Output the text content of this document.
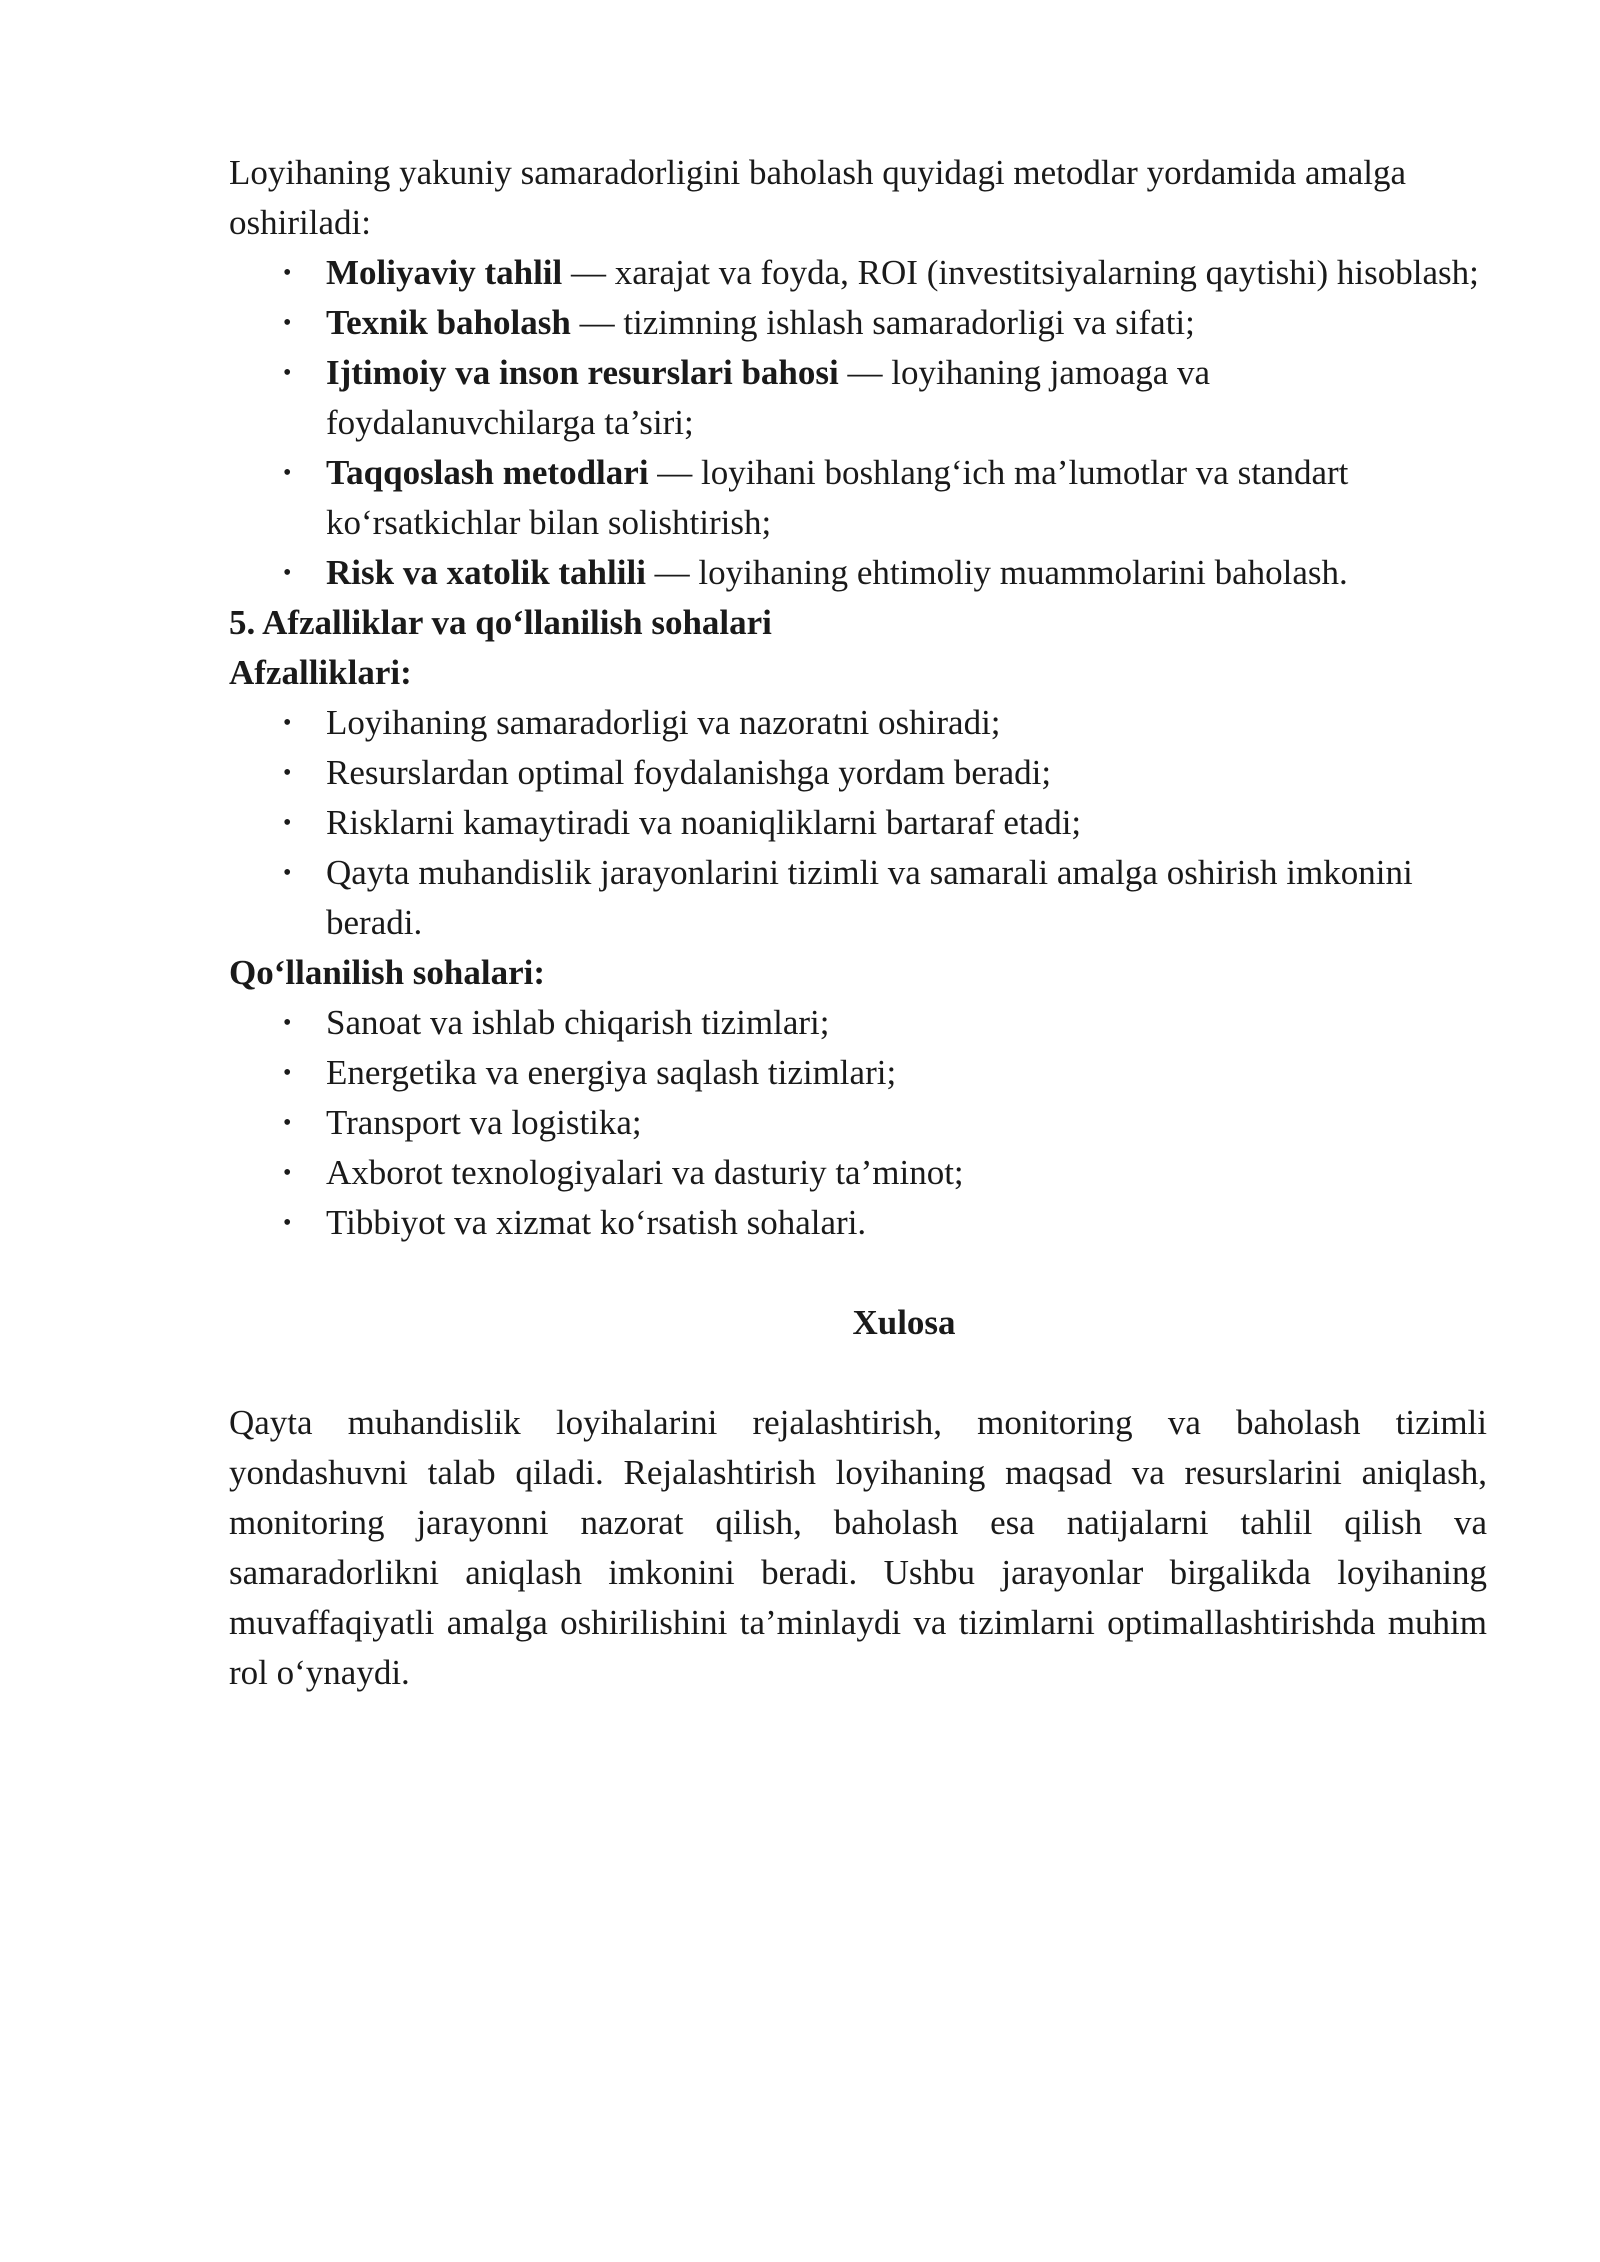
Loyihaning yakuniy samaradorligini baholash quyidagi metodlar yordamida amalga oshiriladi:

• Moliyaviy tahlil — xarajat va foyda, ROI (investitsiyalarning qaytishi) hisoblash;
• Texnik baholash — tizimning ishlash samaradorligi va sifati;
• Ijtimoiy va inson resurslari bahosi — loyihaning jamoaga va foydalanuvchilarga ta’siri;
• Taqqoslash metodlari — loyihani boshlang‘ich ma’lumotlar va standart ko‘rsatkichlar bilan solishtirish;
• Risk va xatolik tahlili — loyihaning ehtimoliy muammolarini baholash.

5. Afzalliklar va qo‘llanilish sohalari

Afzalliklari:

• Loyihaning samaradorligi va nazoratni oshiradi;
• Resurslardan optimal foydalanishga yordam beradi;
• Risklarni kamaytiradi va noaniqliklarni bartaraf etadi;
• Qayta muhandislik jarayonlarini tizimli va samarali amalga oshirish imkonini beradi.

Qo‘llanilish sohalari:

• Sanoat va ishlab chiqarish tizimlari;
• Energetika va energiya saqlash tizimlari;
• Transport va logistika;
• Axborot texnologiyalari va dasturiy ta’minot;
• Tibbiyot va xizmat ko‘rsatish sohalari.

Xulosa

Qayta muhandislik loyihalarini rejalashtirish, monitoring va baholash tizimli yondashuvni talab qiladi. Rejalashtirish loyihaning maqsad va resurslarini aniqlash, monitoring jarayonni nazorat qilish, baholash esa natijalarni tahlil qilish va samaradorlikni aniqlash imkonini beradi. Ushbu jarayonlar birgalikda loyihaning muvaffaqiyatli amalga oshirilishini ta’minlaydi va tizimlarni optimallashtirishda muhim rol o‘ynaydi.
